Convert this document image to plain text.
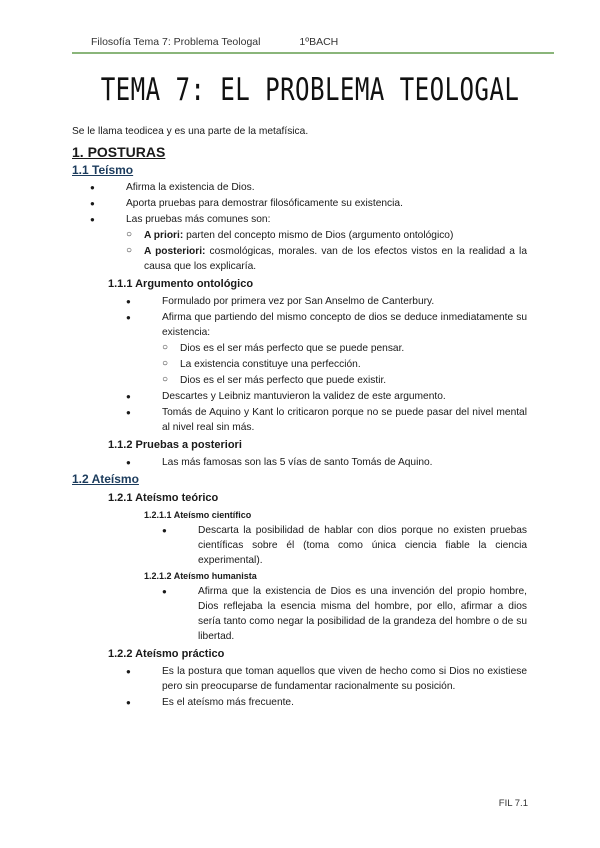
Filosofía Tema 7: Problema Teologal	1ºBACH
TEMA 7: EL PROBLEMA TEOLOGAL

Se le llama teodicea y es una parte de la metafísica.

1. POSTURAS
1.1 Teísmo
● Afirma la existencia de Dios.
● Aporta pruebas para demostrar filosóficamente su existencia.
● Las pruebas más comunes son:
○ A priori: parten del concepto mismo de Dios (argumento ontológico)
○ A posteriori: cosmológicas, morales. van de los efectos vistos en la realidad a la causa que los explicaría.
1.1.1 Argumento ontológico
● Formulado por primera vez por San Anselmo de Canterbury.
● Afirma que partiendo del mismo concepto de dios se deduce inmediatamente su existencia:
○ Dios es el ser más perfecto que se puede pensar.
○ La existencia constituye una perfección.
○ Dios es el ser más perfecto que puede existir.
● Descartes y Leibniz mantuvieron la validez de este argumento.
● Tomás de Aquino y Kant lo criticaron porque no se puede pasar del nivel mental al nivel real sin más.
1.1.2 Pruebas a posteriori
● Las más famosas son las 5 vías de santo Tomás de Aquino.
1.2 Ateísmo
1.2.1 Ateísmo teórico
1.2.1.1 Ateísmo científico
● Descarta la posibilidad de hablar con dios porque no existen pruebas científicas sobre él (toma como única ciencia fiable la ciencia experimental).
1.2.1.2 Ateísmo humanista
● Afirma que la existencia de Dios es una invención del propio hombre, Dios reflejaba la esencia misma del hombre, por ello, afirmar a dios sería tanto como negar la posibilidad de la grandeza del hombre o de su libertad.
1.2.2 Ateísmo práctico
● Es la postura que toman aquellos que viven de hecho como si Dios no existiese pero sin preocuparse de fundamentar racionalmente su posición.
● Es el ateísmo más frecuente.
FIL 7.1
